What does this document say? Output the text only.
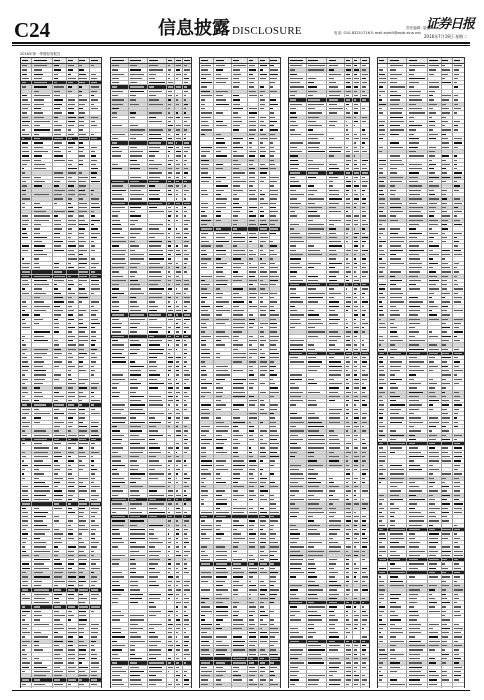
C24	信息披露 DISCLOSURE	责任编辑: 鉴建
电话: 010-83251716 E-mail:zqrb9@zqrb.sina.net
证券日报
2016年7月19日 星期二
2016年第一季度财务报告
